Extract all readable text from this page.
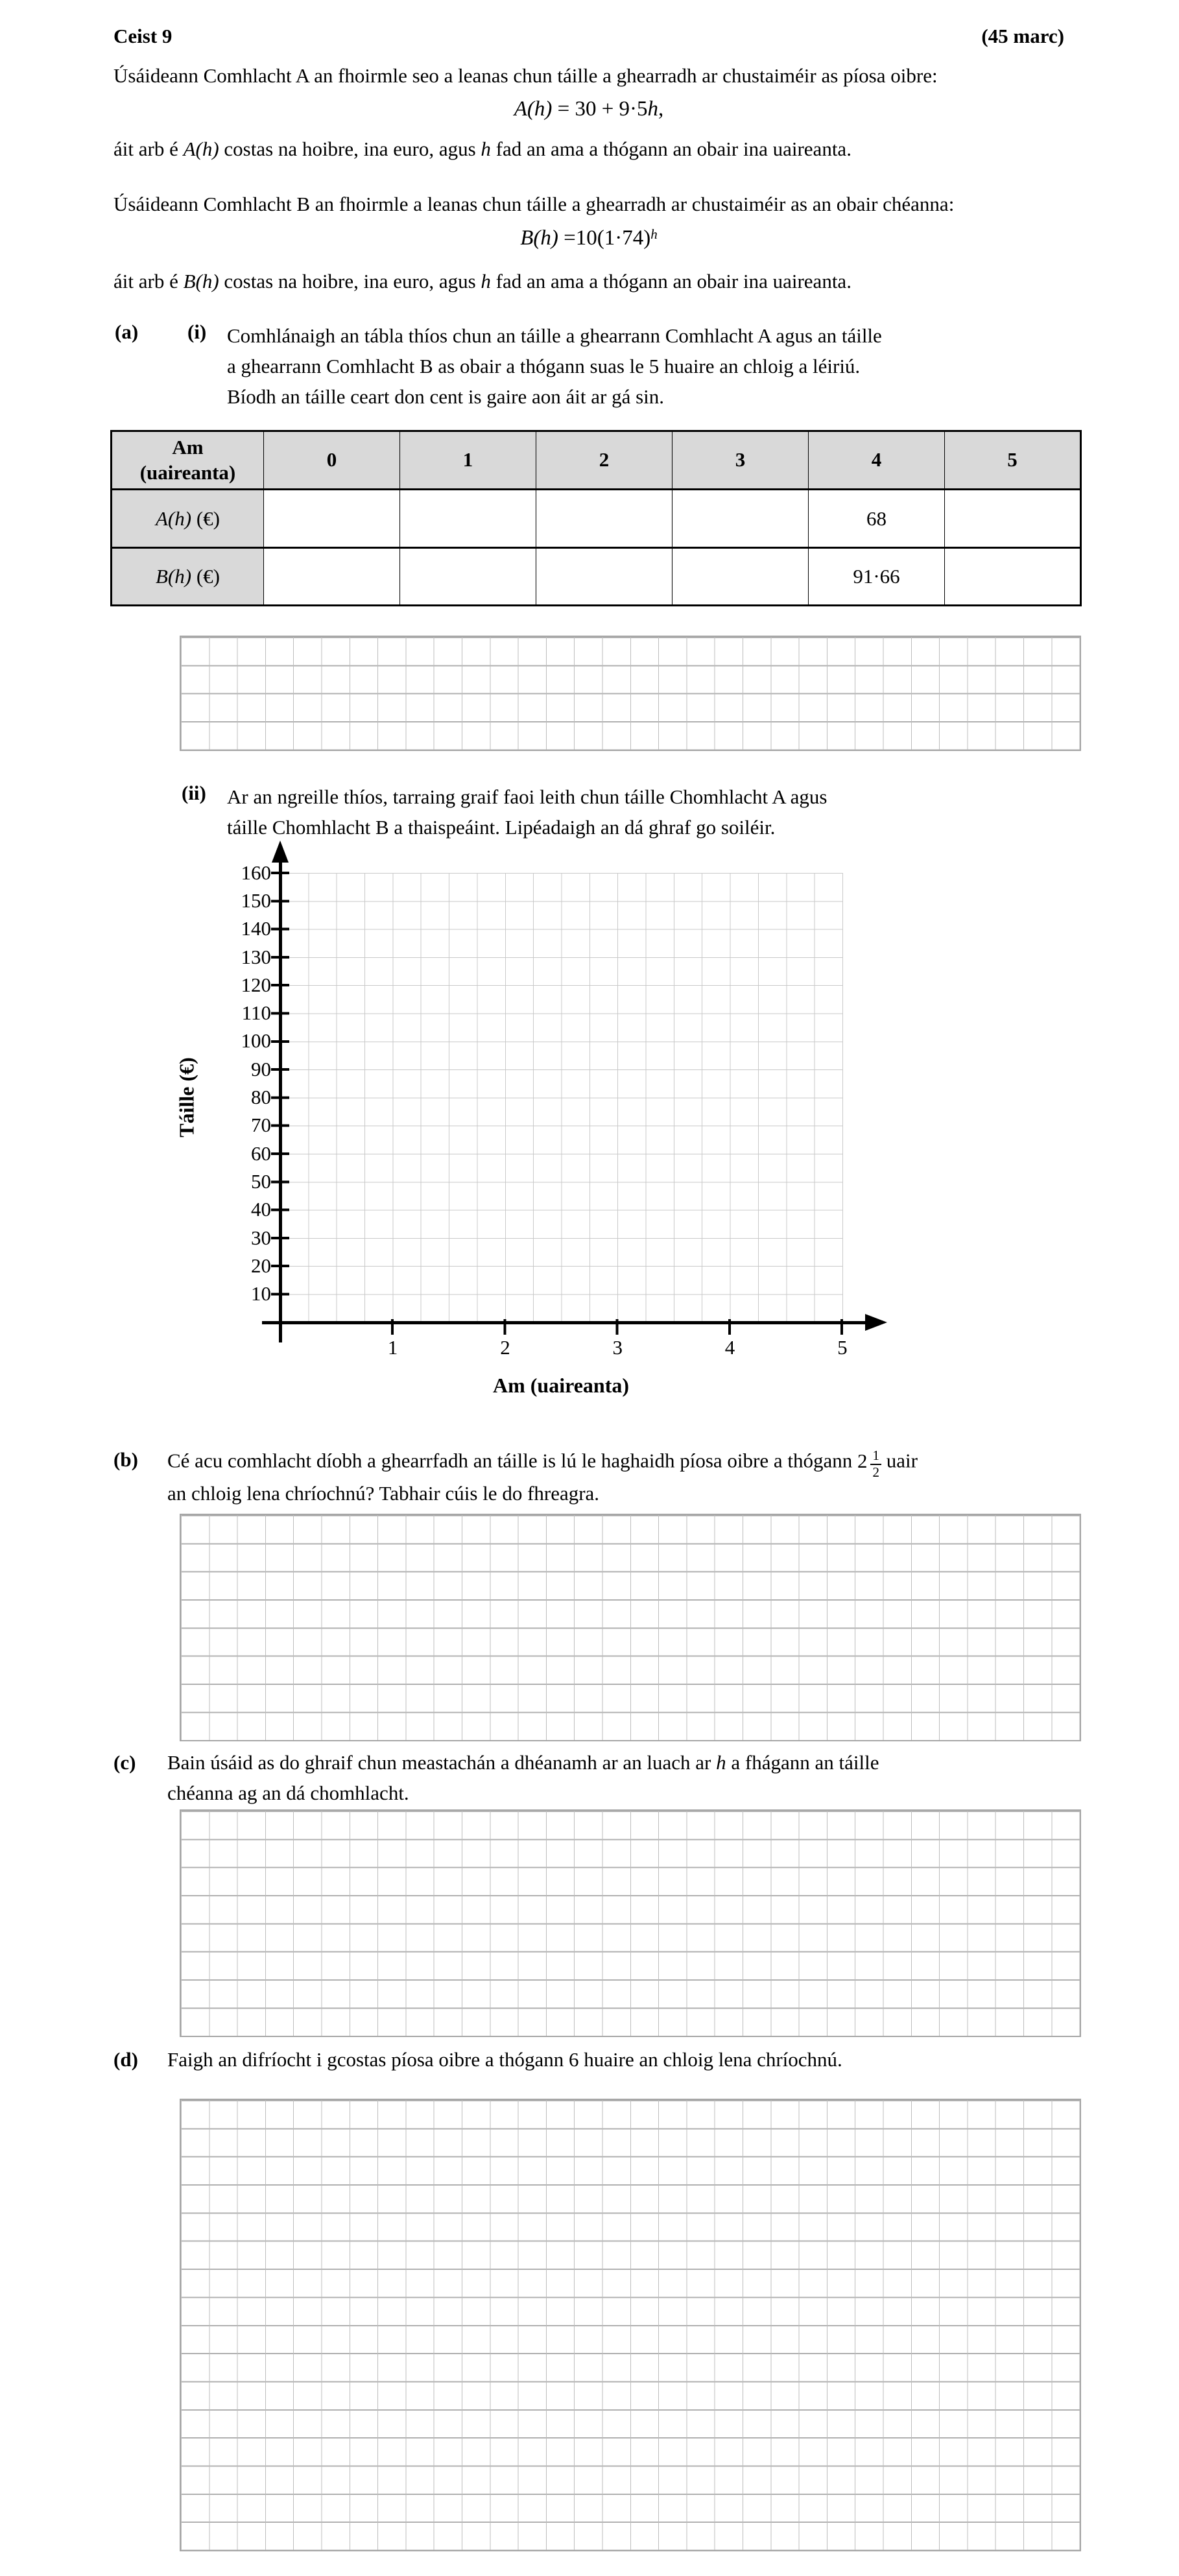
Ceist 9	(45 marc)
Úsáideann Comhlacht A an fhoirmle seo a leanas chun táille a ghearradh ar chustaiméir as píosa oibre:
A(h) = 30 + 9·5h,
áit arb é A(h) costas na hoibre, ina euro, agus h fad an ama a thógann an obair ina uaireanta.
Úsáideann Comhlacht B an fhoirmle a leanas chun táille a ghearradh ar chustaiméir as an obair chéanna:
$B(h) =10(1\cdot 74)^h$
áit arb é B(h) costas na hoibre, ina euro, agus h fad an ama a thógann an obair ina uaireanta.
(a) (i) Comhlánaigh an tábla thíos chun an táille a ghearrann Comhlacht A agus an táille
a ghearrann Comhlacht B as obair a thógann suas le 5 huaire an chloig a léiriú.
Bíodh an táille ceart don cent is gaire aon áit ar gá sin.
Am
(uaireanta)	0	1	2	3	4	5
A(h) (€)					68	
B(h) (€)					91·66	
(ii) Ar an ngreille thíos, tarraing graif faoi leith chun táille Chomhlacht A agus
táille Chomhlacht B a thaispeáint. Lipéadaigh an dá ghraf go soiléir.
160
150
140
130
120
110
100
90
80
70
60
50
40
30
20
10
1	2	3	4	5
Táille (€)
Am (uaireanta)
(b) Cé acu comhlacht díobh a ghearrfadh an táille is lú le haghaidh píosa oibre a thógann $2 \frac{1}{2}$ uair
an chloig lena chríochnú? Tabhair cúis le do fhreagra.
(c) Bain úsáid as do ghraif chun meastachán a dhéanamh ar an luach ar h a fhágann an táille
chéanna ag an dá chomhlacht.
(d) Faigh an difríocht i gcostas píosa oibre a thógann 6 huaire an chloig lena chríochnú.
